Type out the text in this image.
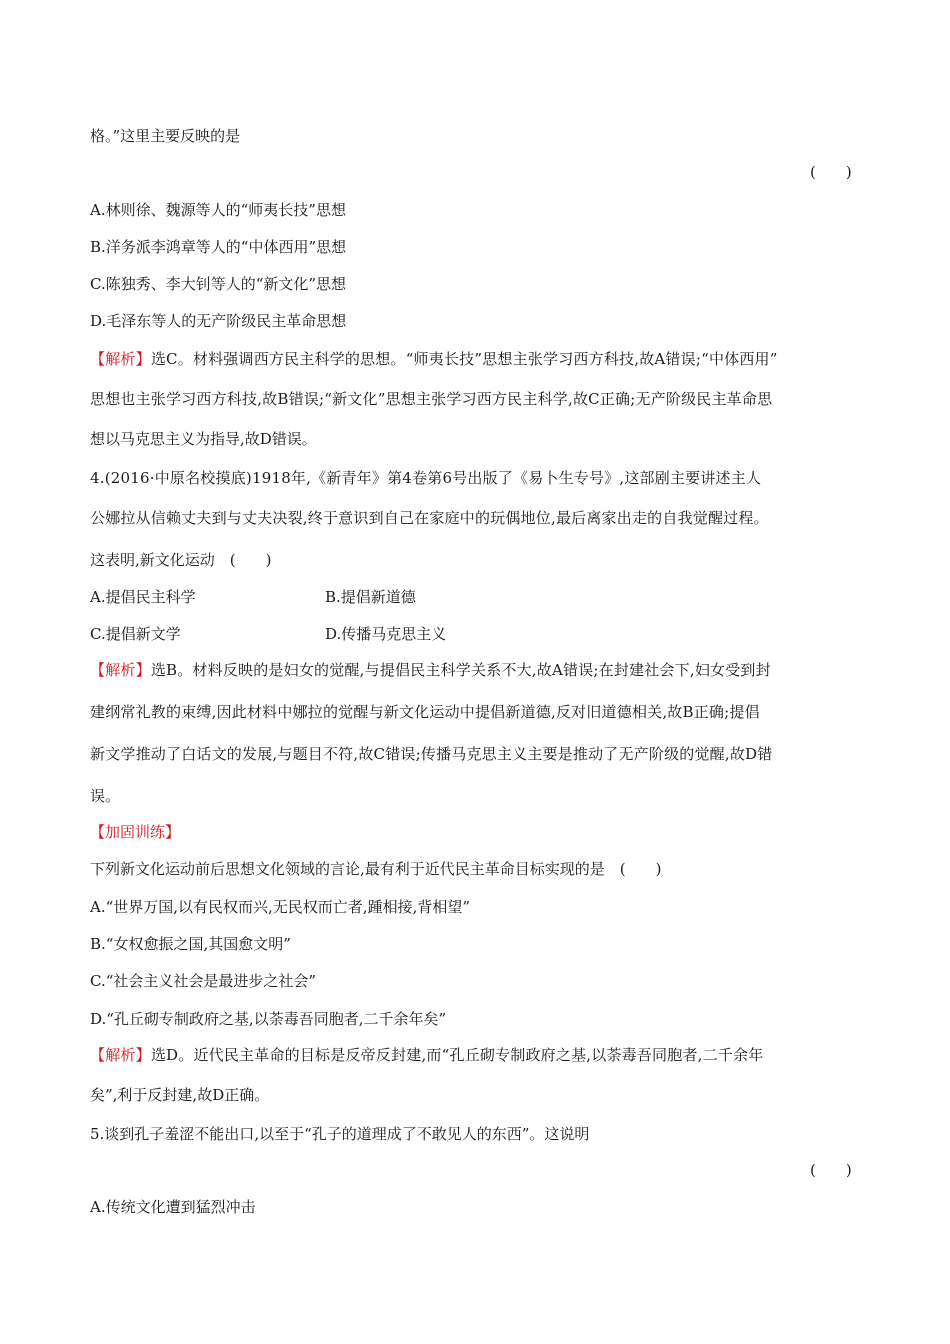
格。”这里主要反映的是
(　　)
A.林则徐、魏源等人的“师夷长技”思想
B.洋务派李鸿章等人的“中体西用”思想
C.陈独秀、李大钊等人的“新文化”思想
D.毛泽东等人的无产阶级民主革命思想
【解析】选C。材料强调西方民主科学的思想。“师夷长技”思想主张学习西方科技,故A错误;“中体西用”
思想也主张学习西方科技,故B错误;“新文化”思想主张学习西方民主科学,故C正确;无产阶级民主革命思
想以马克思主义为指导,故D错误。
4.(2016·中原名校摸底)1918年,《新青年》第4卷第6号出版了《易卜生专号》,这部剧主要讲述主人
公娜拉从信赖丈夫到与丈夫决裂,终于意识到自己在家庭中的玩偶地位,最后离家出走的自我觉醒过程。
这表明,新文化运动　(　　)
A.提倡民主科学	B.提倡新道德
C.提倡新文学	D.传播马克思主义
【解析】选B。材料反映的是妇女的觉醒,与提倡民主科学关系不大,故A错误;在封建社会下,妇女受到封
建纲常礼教的束缚,因此材料中娜拉的觉醒与新文化运动中提倡新道德,反对旧道德相关,故B正确;提倡
新文学推动了白话文的发展,与题目不符,故C错误;传播马克思主义主要是推动了无产阶级的觉醒,故D错
误。
【加固训练】
下列新文化运动前后思想文化领域的言论,最有利于近代民主革命目标实现的是　(　　)
A.“世界万国,以有民权而兴,无民权而亡者,踵相接,背相望”
B.“女权愈振之国,其国愈文明”
C.“社会主义社会是最进步之社会”
D.“孔丘砌专制政府之基,以荼毒吾同胞者,二千余年矣”
【解析】选D。近代民主革命的目标是反帝反封建,而“孔丘砌专制政府之基,以荼毒吾同胞者,二千余年
矣”,利于反封建,故D正确。
5.谈到孔子羞涩不能出口,以至于“孔子的道理成了不敢见人的东西”。这说明
(　　)
A.传统文化遭到猛烈冲击
